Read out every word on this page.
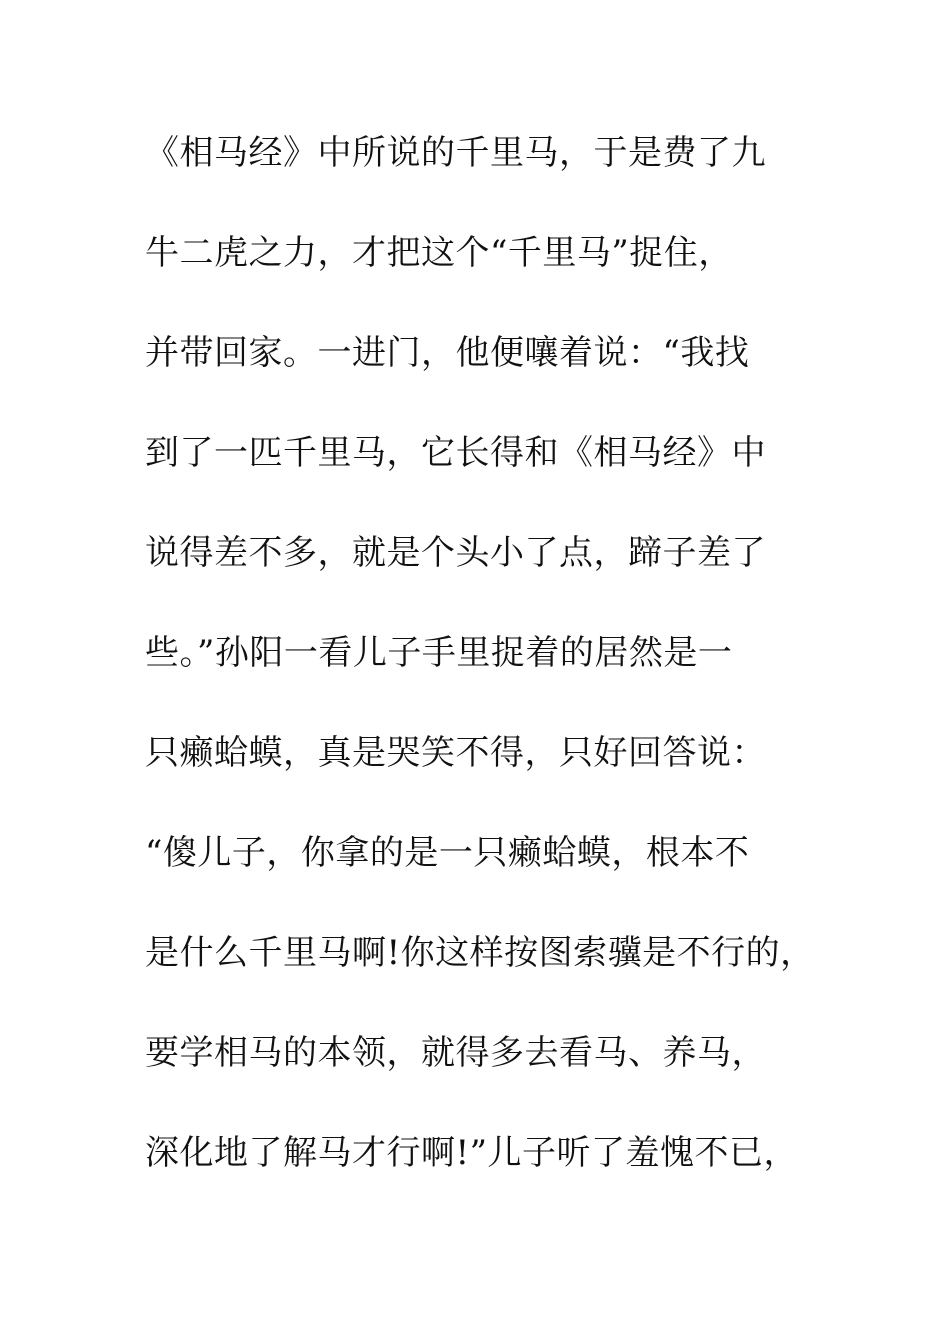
《相马经》中所说的千里马，于是费了九
牛二虎之力，才把这个“千里马”捉住，
并带回家。一进门，他便嚷着说：“我找
到了一匹千里马，它长得和《相马经》中
说得差不多，就是个头小了点，蹄子差了
些。”孙阳一看儿子手里捉着的居然是一
只癞蛤蟆，真是哭笑不得，只好回答说：
“傻儿子，你拿的是一只癞蛤蟆，根本不
是什么千里马啊!你这样按图索骥是不行的，
要学相马的本领，就得多去看马、养马，
深化地了解马才行啊!”儿子听了羞愧不已，
